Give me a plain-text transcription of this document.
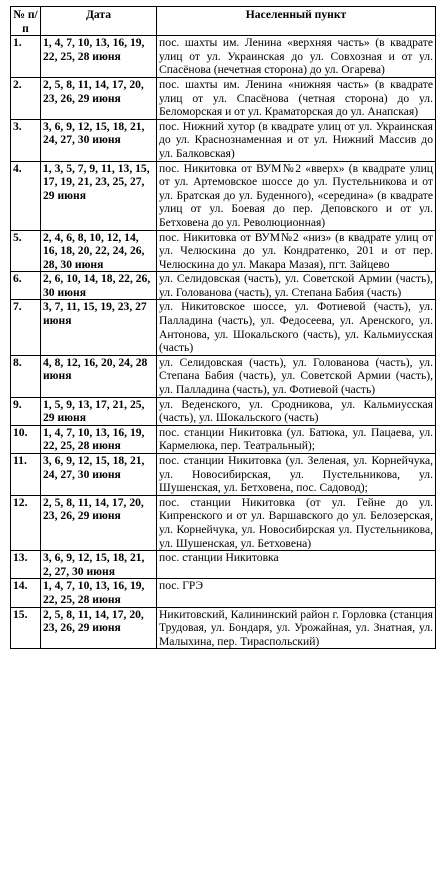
№ п/п	Дата	Населенный пункт
1.	1, 4, 7, 10, 13, 16, 19, 22, 25, 28 июня	пос. шахты им. Ленина «верхняя часть» (в квадрате улиц от ул. Украинская до ул. Совхозная и от ул. Спасёнова (нечетная сторона) до ул. Огарева)
2.	2, 5, 8, 11, 14, 17, 20, 23, 26, 29 июня	пос. шахты им. Ленина «нижняя часть» (в квадрате улиц от ул. Спасёнова (четная сторона) до ул. Беломорская и от ул. Краматорская до ул. Анапская)
3.	3, 6, 9, 12, 15, 18, 21, 24, 27, 30 июня	пос. Нижний хутор (в квадрате улиц от ул. Украинская до ул. Краснознаменная и от ул. Нижний Массив до ул. Балковская)
4.	1, 3, 5, 7, 9, 11, 13, 15, 17, 19, 21, 23, 25, 27, 29 июня	пос. Никитовка от ВУМ№2 «вверх» (в квадрате улиц от ул. Артемовское шоссе до ул. Пустельникова и от ул. Братская до ул. Буденного), «середина» (в квадрате улиц от ул. Боевая до пер. Деповского и от ул. Бетховена до ул. Революционная)
5.	2, 4, 6, 8, 10, 12, 14, 16, 18, 20, 22, 24, 26, 28, 30 июня	пос. Никитовка от ВУМ№2 «низ» (в квадрате улиц от ул. Челюскина до ул. Кондратенко, 201 и от пер. Челюскина до ул. Макара Мазая), пгт. Зайцево
6.	2, 6, 10, 14, 18, 22, 26, 30 июня	ул. Селидовская (часть), ул. Советской Армии (часть), ул. Голованова (часть), ул. Степана Бабия (часть)
7.	3, 7, 11, 15, 19, 23, 27 июня	ул. Никитовское шоссе, ул. Фотиевой (часть), ул. Палладина (часть), ул. Федосеева, ул. Аренского, ул. Антонова, ул. Шокальского (часть), ул. Кальмиусская (часть)
8.	4, 8, 12, 16, 20, 24, 28 июня	ул. Селидовская (часть), ул. Голованова (часть), ул. Степана Бабия (часть), ул. Советской Армии (часть), ул. Палладина (часть), ул. Фотиевой (часть)
9.	1, 5, 9, 13, 17, 21, 25, 29 июня	ул. Веденского, ул. Сродникова, ул. Кальмиусская (часть), ул. Шокальского (часть)
10.	1, 4, 7, 10, 13, 16, 19, 22, 25, 28 июня	пос. станции Никитовка (ул. Батюка, ул. Пацаева, ул. Кармелюка, пер. Театральный);
11.	3, 6, 9, 12, 15, 18, 21, 24, 27, 30 июня	пос. станции Никитовка (ул. Зеленая, ул. Корнейчука, ул. Новосибирская, ул. Пустельникова, ул. Шушенская, ул. Бетховена, пос. Садовод);
12.	2, 5, 8, 11, 14, 17, 20, 23, 26, 29 июня	пос. станции Никитовка (от ул. Гейне до ул. Кипренского и от ул. Варшавского до ул. Белозерская, ул. Корнейчука, ул. Новосибирская ул. Пустельникова, ул. Шушенская, ул. Бетховена)
13.	3, 6, 9, 12, 15, 18, 21, 2, 27, 30 июня	пос. станции Никитовка
14.	1, 4, 7, 10, 13, 16, 19, 22, 25, 28 июня	пос. ГРЭ
15.	2, 5, 8, 11, 14, 17, 20, 23, 26, 29 июня	Никитовский, Калининский район г. Горловка (станция Трудовая, ул. Бондаря, ул. Урожайная, ул. Знатная, ул. Малыхина, пер. Тираспольский)
